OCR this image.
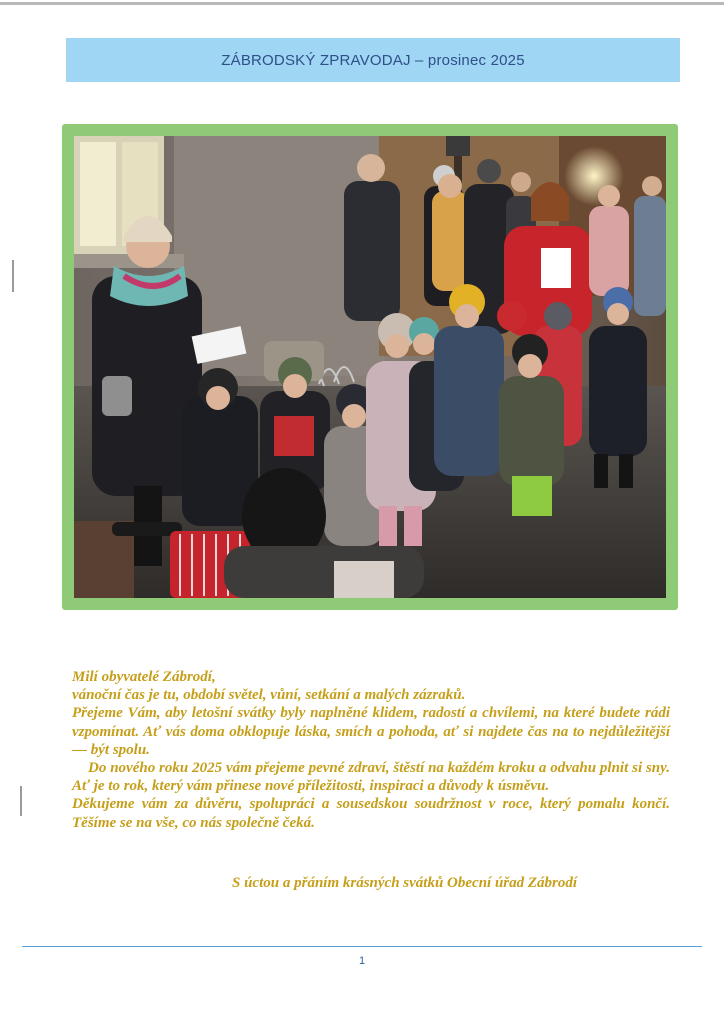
ZÁBRODSKÝ ZPRAVODAJ – prosinec 2025

Milí obyvatelé Zábrodí,

vánoční čas je tu, období světel, vůní, setkání a malých zázraků.

Přejeme Vám, aby letošní svátky byly naplněné klidem, radostí a chvílemi, na které budete rádi vzpomínat. Ať vás doma obklopuje láska, smích a pohoda, ať si najdete čas na to nejdůležitější — být spolu.

Do nového roku 2025 vám přejeme pevné zdraví, štěstí na každém kroku a odvahu plnit si sny. Ať je to rok, který vám přinese nové příležitosti, inspiraci a důvody k úsměvu.

Děkujeme vám za důvěru, spolupráci a sousedskou soudržnost v roce, který pomalu končí. Těšíme se na vše, co nás společně čeká.

S úctou a přáním krásných svátků Obecní úřad Zábrodí
1
